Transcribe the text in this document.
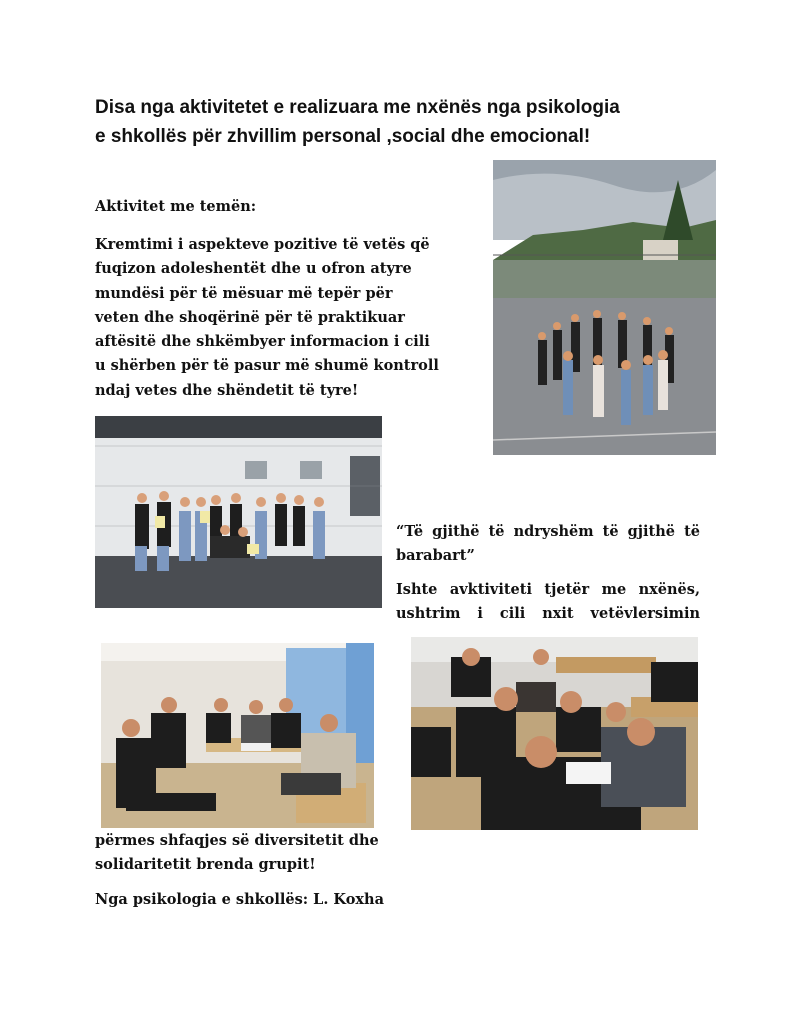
Disa nga aktivitetet e realizuara me nxënës nga psikologia
e shkollës për zhvillim personal ,social dhe emocional!

Aktivitet me temën:

Kremtimi i aspekteve pozitive të vetës që
fuqizon adoleshentët dhe u ofron atyre
mundësi për të mësuar më tepër për
veten dhe shoqërinë për të praktikuar
aftësitë dhe shkëmbyer informacion i cili
u shërben për të pasur më shumë kontroll
ndaj vetes dhe shëndetit të tyre!

“Të gjithë të ndryshëm të gjithë të barabart”

Ishte avktiviteti tjetër me nxënës, ushtrim i cili nxit vetëvlersimin

përmes shfaqjes së diversitetit dhe
solidaritetit brenda grupit!

Nga psikologia e shkollës: L. Koxha
